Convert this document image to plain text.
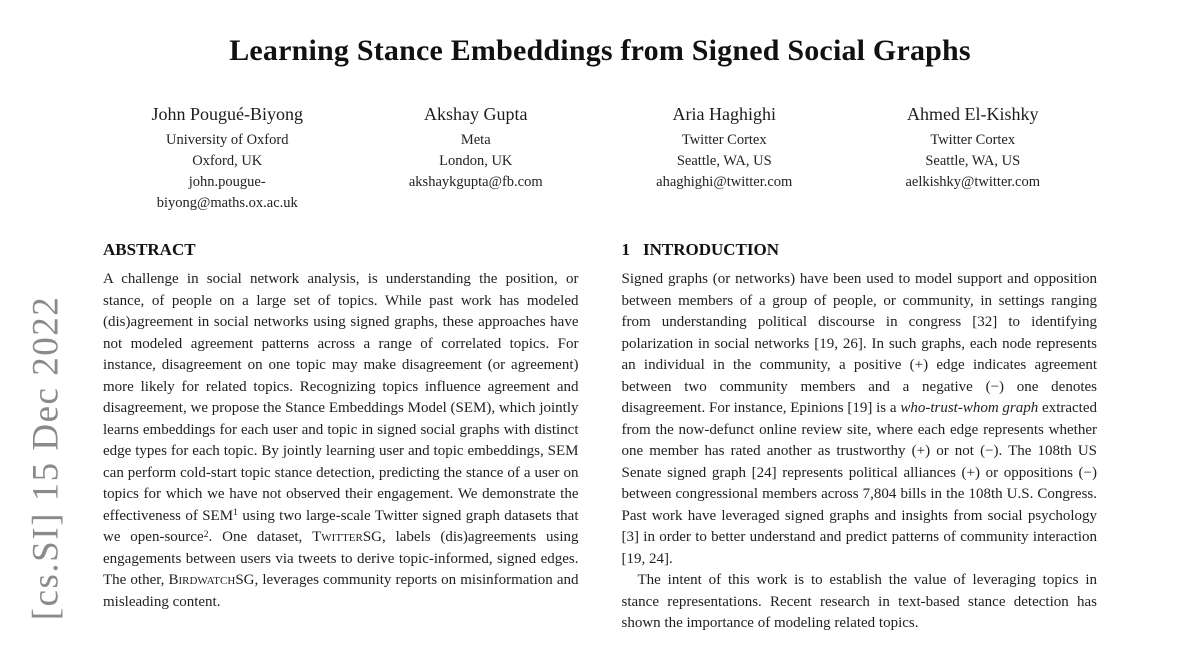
[cs.SI] 15 Dec 2022
Learning Stance Embeddings from Signed Social Graphs
John Pougué-Biyong
University of Oxford
Oxford, UK
john.pougue-
biyong@maths.ox.ac.uk
Akshay Gupta
Meta
London, UK
akshaykgupta@fb.com
Aria Haghighi
Twitter Cortex
Seattle, WA, US
ahaghighi@twitter.com
Ahmed El-Kishky
Twitter Cortex
Seattle, WA, US
aelkishky@twitter.com
ABSTRACT

A challenge in social network analysis, is understanding the position, or stance, of people on a large set of topics. While past work has modeled (dis)agreement in social networks using signed graphs, these approaches have not modeled agreement patterns across a range of correlated topics. For instance, disagreement on one topic may make disagreement (or agreement) more likely for related topics. Recognizing topics influence agreement and disagreement, we propose the Stance Embeddings Model (SEM), which jointly learns embeddings for each user and topic in signed social graphs with distinct edge types for each topic. By jointly learning user and topic embeddings, SEM can perform cold-start topic stance detection, predicting the stance of a user on topics for which we have not observed their engagement. We demonstrate the effectiveness of SEM$^1$ using two large-scale Twitter signed graph datasets that we open-source$^2$. One dataset, TwitterSG, labels (dis)agreements using engagements between users via tweets to derive topic-informed, signed edges. The other, BirdwatchSG, leverages community reports on misinformation and misleading content.

1 INTRODUCTION

Signed graphs (or networks) have been used to model support and opposition between members of a group of people, or community, in settings ranging from understanding political discourse in congress [32] to identifying polarization in social networks [19, 26]. In such graphs, each node represents an individual in the community, a positive (+) edge indicates agreement between two community members and a negative (−) one denotes disagreement. For instance, Epinions [19] is a who-trust-whom graph extracted from the now-defunct online review site, where each edge represents whether one member has rated another as trustworthy (+) or not (−). The 108th US Senate signed graph [24] represents political alliances (+) or oppositions (−) between congressional members across 7,804 bills in the 108th U.S. Congress. Past work have leveraged signed graphs and insights from social psychology [3] in order to better understand and predict patterns of community interaction [19, 24].

The intent of this work is to establish the value of leveraging topics in stance representations. Recent research in text-based stance detection has shown the importance of modeling related topics.
